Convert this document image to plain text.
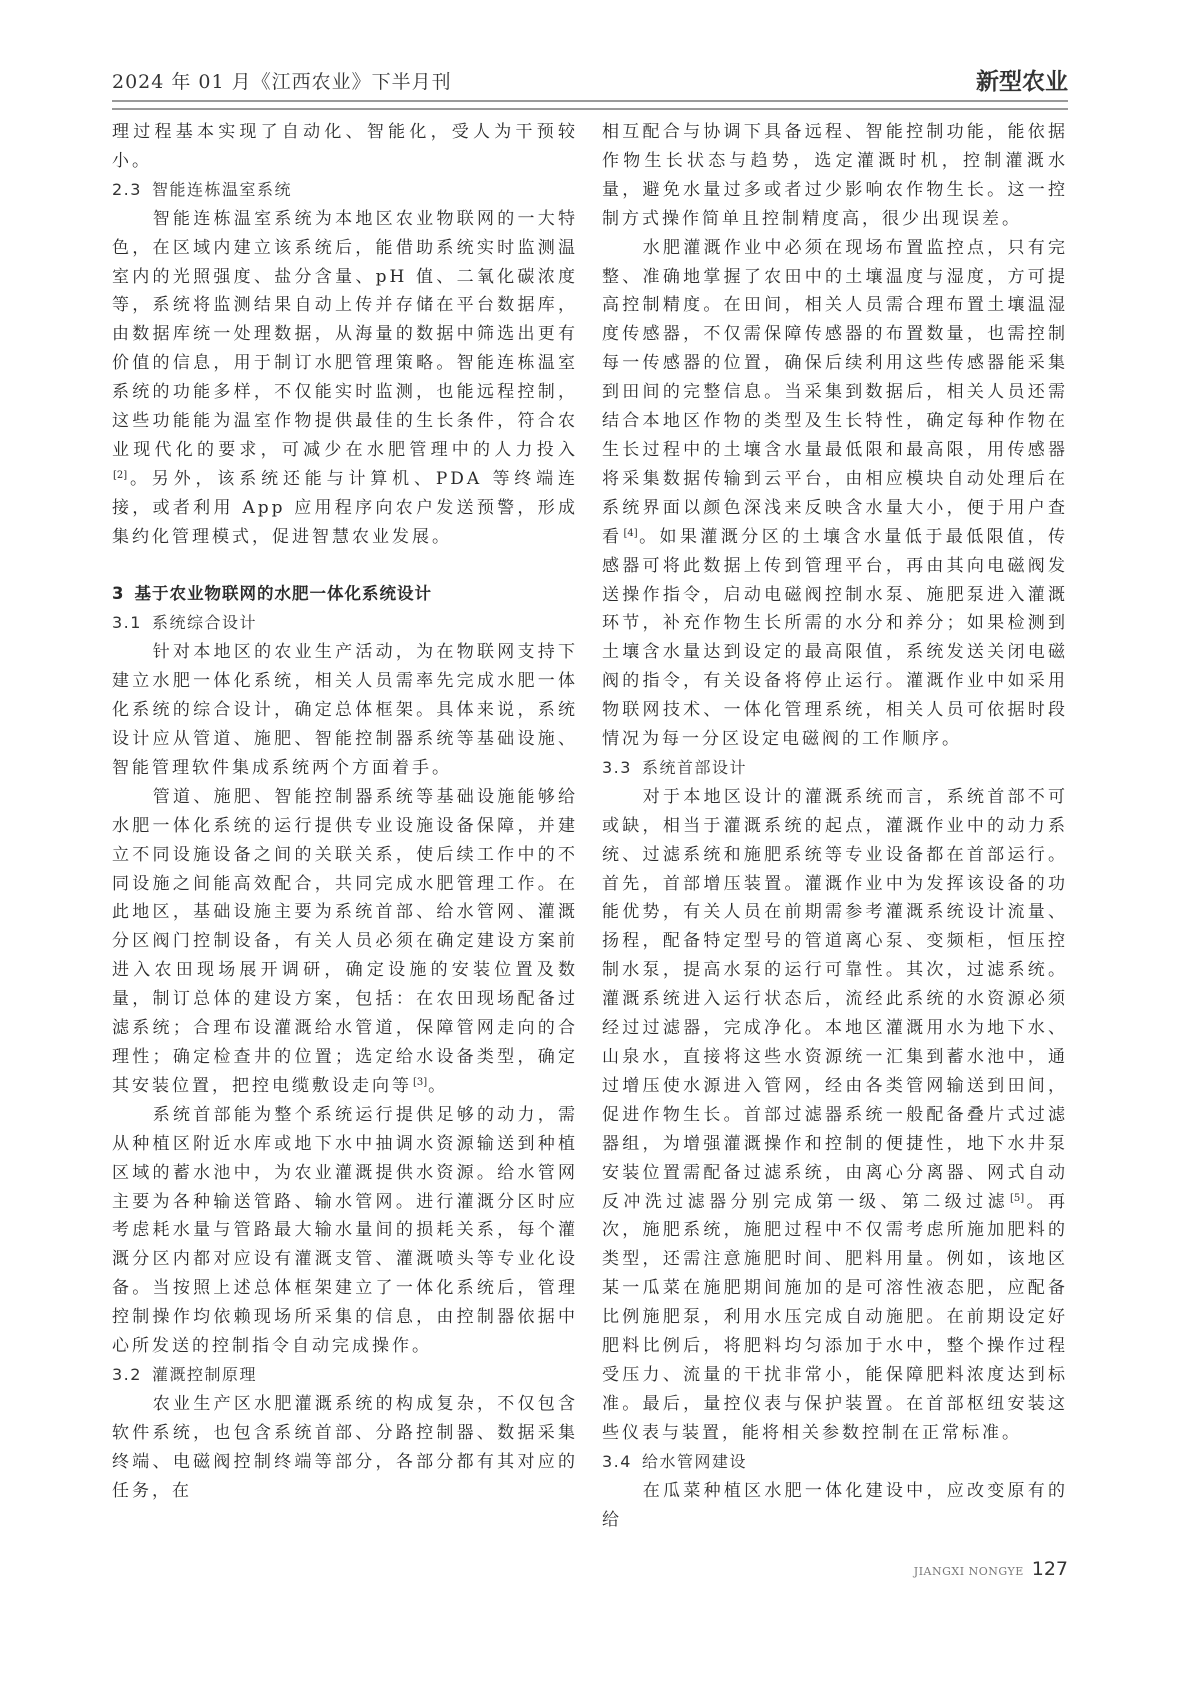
2024 年 01 月《江西农业》下半月刊	新型农业

理过程基本实现了自动化、智能化，受人为干预较小。

2.3 智能连栋温室系统

智能连栋温室系统为本地区农业物联网的一大特色，在区域内建立该系统后，能借助系统实时监测温室内的光照强度、盐分含量、pH 值、二氧化碳浓度等，系统将监测结果自动上传并存储在平台数据库，由数据库统一处理数据，从海量的数据中筛选出更有价值的信息，用于制订水肥管理策略。智能连栋温室系统的功能多样，不仅能实时监测，也能远程控制，这些功能能为温室作物提供最佳的生长条件，符合农业现代化的要求，可减少在水肥管理中的人力投入[2]。另外，该系统还能与计算机、PDA 等终端连接，或者利用 App 应用程序向农户发送预警，形成集约化管理模式，促进智慧农业发展。

3 基于农业物联网的水肥一体化系统设计
3.1 系统综合设计

针对本地区的农业生产活动，为在物联网支持下建立水肥一体化系统，相关人员需率先完成水肥一体化系统的综合设计，确定总体框架。具体来说，系统设计应从管道、施肥、智能控制器系统等基础设施、智能管理软件集成系统两个方面着手。

管道、施肥、智能控制器系统等基础设施能够给水肥一体化系统的运行提供专业设施设备保障，并建立不同设施设备之间的关联关系，使后续工作中的不同设施之间能高效配合，共同完成水肥管理工作。在此地区，基础设施主要为系统首部、给水管网、灌溉分区阀门控制设备，有关人员必须在确定建设方案前进入农田现场展开调研，确定设施的安装位置及数量，制订总体的建设方案，包括：在农田现场配备过滤系统；合理布设灌溉给水管道，保障管网走向的合理性；确定检查井的位置；选定给水设备类型，确定其安装位置，把控电缆敷设走向等[3]。

系统首部能为整个系统运行提供足够的动力，需从种植区附近水库或地下水中抽调水资源输送到种植区域的蓄水池中，为农业灌溉提供水资源。给水管网主要为各种输送管路、输水管网。进行灌溉分区时应考虑耗水量与管路最大输水量间的损耗关系，每个灌溉分区内都对应设有灌溉支管、灌溉喷头等专业化设备。当按照上述总体框架建立了一体化系统后，管理控制操作均依赖现场所采集的信息，由控制器依据中心所发送的控制指令自动完成操作。

3.2 灌溉控制原理

农业生产区水肥灌溉系统的构成复杂，不仅包含软件系统，也包含系统首部、分路控制器、数据采集终端、电磁阀控制终端等部分，各部分都有其对应的任务，在

相互配合与协调下具备远程、智能控制功能，能依据作物生长状态与趋势，选定灌溉时机，控制灌溉水量，避免水量过多或者过少影响农作物生长。这一控制方式操作简单且控制精度高，很少出现误差。

水肥灌溉作业中必须在现场布置监控点，只有完整、准确地掌握了农田中的土壤温度与湿度，方可提高控制精度。在田间，相关人员需合理布置土壤温湿度传感器，不仅需保障传感器的布置数量，也需控制每一传感器的位置，确保后续利用这些传感器能采集到田间的完整信息。当采集到数据后，相关人员还需结合本地区作物的类型及生长特性，确定每种作物在生长过程中的土壤含水量最低限和最高限，用传感器将采集数据传输到云平台，由相应模块自动处理后在系统界面以颜色深浅来反映含水量大小，便于用户查看[4]。如果灌溉分区的土壤含水量低于最低限值，传感器可将此数据上传到管理平台，再由其向电磁阀发送操作指令，启动电磁阀控制水泵、施肥泵进入灌溉环节，补充作物生长所需的水分和养分；如果检测到土壤含水量达到设定的最高限值，系统发送关闭电磁阀的指令，有关设备将停止运行。灌溉作业中如采用物联网技术、一体化管理系统，相关人员可依据时段情况为每一分区设定电磁阀的工作顺序。

3.3 系统首部设计

对于本地区设计的灌溉系统而言，系统首部不可或缺，相当于灌溉系统的起点，灌溉作业中的动力系统、过滤系统和施肥系统等专业设备都在首部运行。首先，首部增压装置。灌溉作业中为发挥该设备的功能优势，有关人员在前期需参考灌溉系统设计流量、扬程，配备特定型号的管道离心泵、变频柜，恒压控制水泵，提高水泵的运行可靠性。其次，过滤系统。灌溉系统进入运行状态后，流经此系统的水资源必须经过过滤器，完成净化。本地区灌溉用水为地下水、山泉水，直接将这些水资源统一汇集到蓄水池中，通过增压使水源进入管网，经由各类管网输送到田间，促进作物生长。首部过滤器系统一般配备叠片式过滤器组，为增强灌溉操作和控制的便捷性，地下水井泵安装位置需配备过滤系统，由离心分离器、网式自动反冲洗过滤器分别完成第一级、第二级过滤[5]。再次，施肥系统，施肥过程中不仅需考虑所施加肥料的类型，还需注意施肥时间、肥料用量。例如，该地区某一瓜菜在施肥期间施加的是可溶性液态肥，应配备比例施肥泵，利用水压完成自动施肥。在前期设定好肥料比例后，将肥料均匀添加于水中，整个操作过程受压力、流量的干扰非常小，能保障肥料浓度达到标准。最后，量控仪表与保护装置。在首部枢纽安装这些仪表与装置，能将相关参数控制在正常标准。

3.4 给水管网建设

在瓜菜种植区水肥一体化建设中，应改变原有的给

JIANGXI NONGYE 127
